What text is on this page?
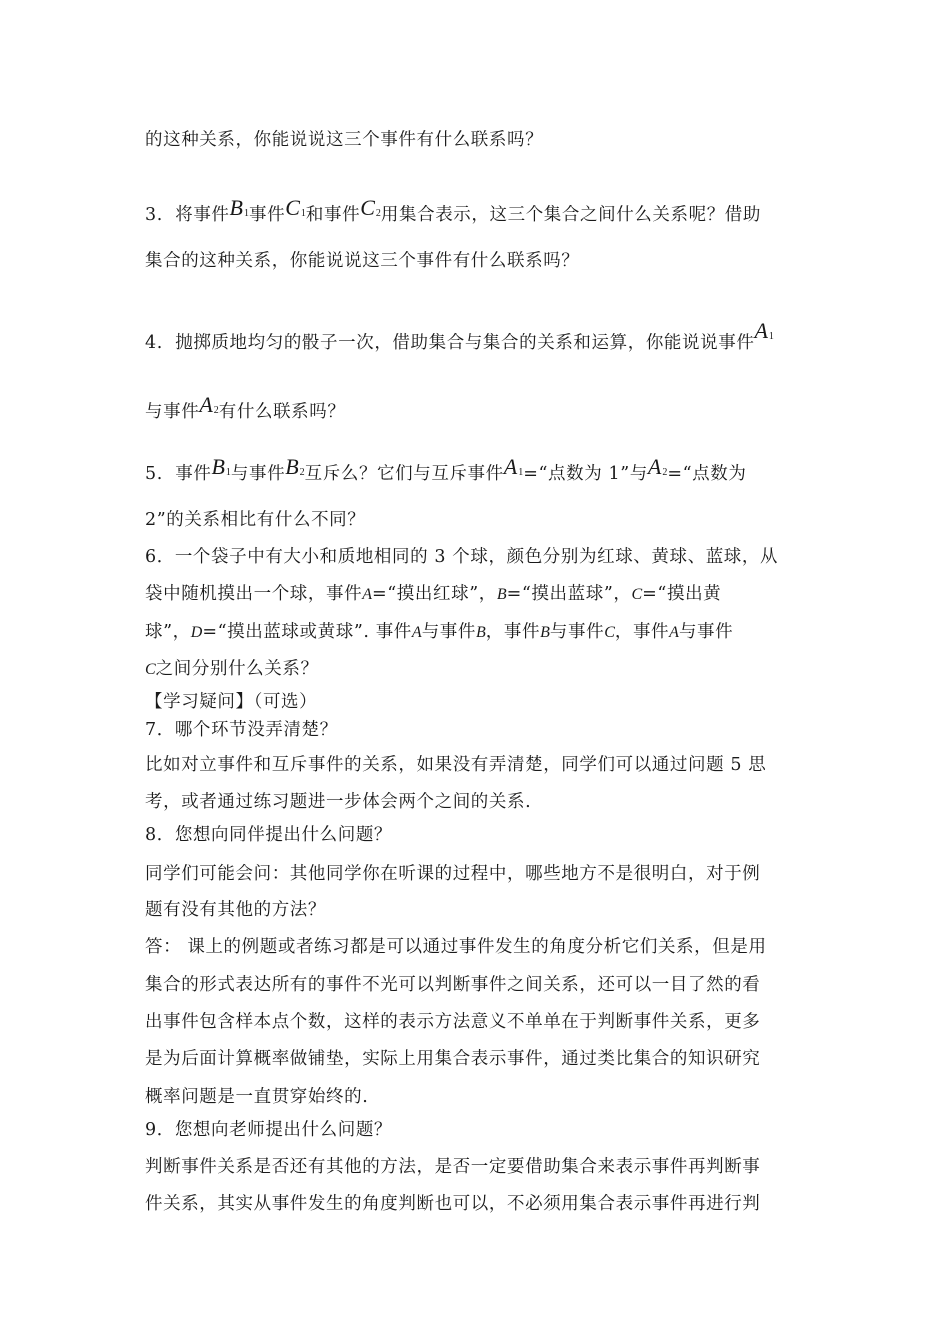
的这种关系，你能说说这三个事件有什么联系吗？
3. 将事件B1事件C1和事件C2用集合表示，这三个集合之间什么关系呢？借助
集合的这种关系，你能说说这三个事件有什么联系吗？
4. 抛掷质地均匀的骰子一次，借助集合与集合的关系和运算，你能说说事件A1
与事件A2有什么联系吗？
5. 事件B1与事件B2互斥么？它们与互斥事件A1=“点数为 1”与A2=“点数为
2”的关系相比有什么不同？
6．一个袋子中有大小和质地相同的 3 个球，颜色分别为红球、黄球、蓝球，从
袋中随机摸出一个球，事件A=“摸出红球”，B=“摸出蓝球”，C=“摸出黄
球”，D=“摸出蓝球或黄球”. 事件A与事件B，事件B与事件C，事件A与事件
C之间分别什么关系？
【学习疑问】（可选）
7．哪个环节没弄清楚？
比如对立事件和互斥事件的关系，如果没有弄清楚，同学们可以通过问题 5 思
考，或者通过练习题进一步体会两个之间的关系.
8．您想向同伴提出什么问题？
同学们可能会问：其他同学你在听课的过程中，哪些地方不是很明白，对于例
题有没有其他的方法？
答： 课上的例题或者练习都是可以通过事件发生的角度分析它们关系，但是用
集合的形式表达所有的事件不光可以判断事件之间关系，还可以一目了然的看
出事件包含样本点个数，这样的表示方法意义不单单在于判断事件关系，更多
是为后面计算概率做铺垫，实际上用集合表示事件，通过类比集合的知识研究
概率问题是一直贯穿始终的.
9．您想向老师提出什么问题？
判断事件关系是否还有其他的方法，是否一定要借助集合来表示事件再判断事
件关系，其实从事件发生的角度判断也可以，不必须用集合表示事件再进行判
